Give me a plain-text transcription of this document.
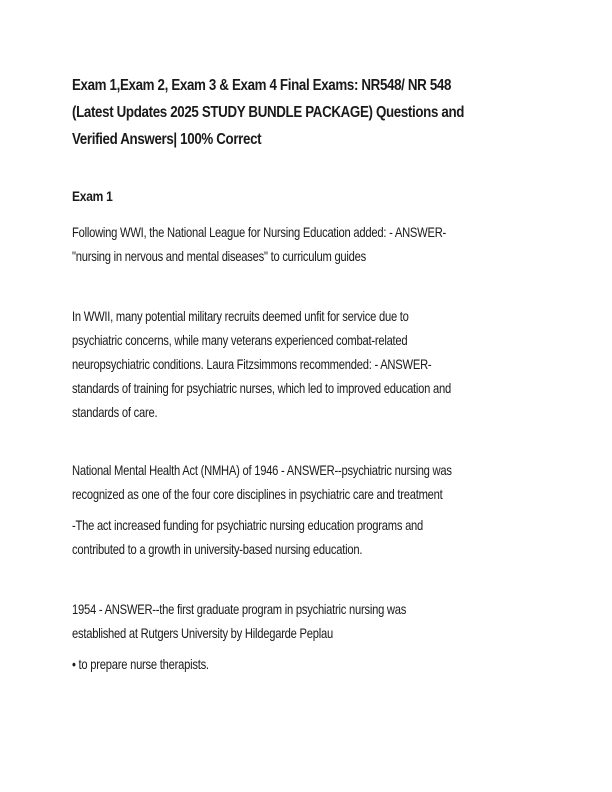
Exam 1,Exam 2, Exam 3 & Exam 4 Final Exams: NR548/ NR 548
(Latest Updates 2025 STUDY BUNDLE PACKAGE) Questions and
Verified Answers| 100% Correct
Exam 1
Following WWI, the National League for Nursing Education added: - ANSWER-
"nursing in nervous and mental diseases" to curriculum guides
In WWII, many potential military recruits deemed unfit for service due to
psychiatric concerns, while many veterans experienced combat-related
neuropsychiatric conditions. Laura Fitzsimmons recommended: - ANSWER-
standards of training for psychiatric nurses, which led to improved education and
standards of care.
National Mental Health Act (NMHA) of 1946 - ANSWER--psychiatric nursing was
recognized as one of the four core disciplines in psychiatric care and treatment
-The act increased funding for psychiatric nursing education programs and
contributed to a growth in university-based nursing education.
1954 - ANSWER--the first graduate program in psychiatric nursing was
established at Rutgers University by Hildegarde Peplau
• to prepare nurse therapists.
